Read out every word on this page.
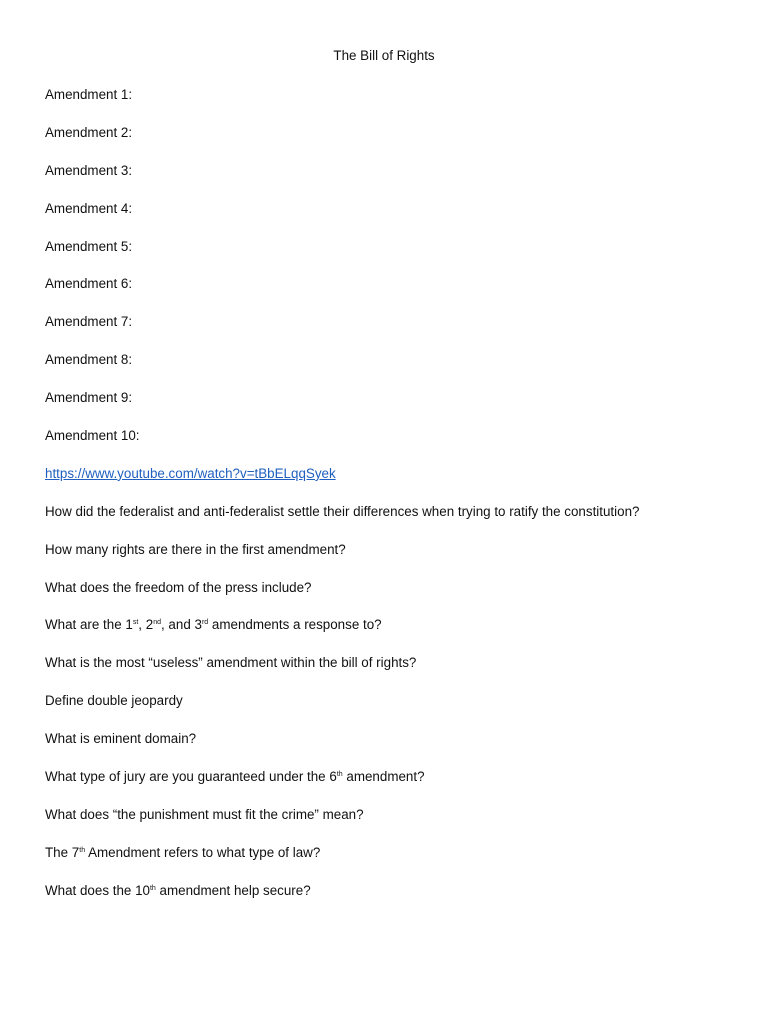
The Bill of Rights
Amendment 1:
Amendment 2:
Amendment 3:
Amendment 4:
Amendment 5:
Amendment 6:
Amendment 7:
Amendment 8:
Amendment 9:
Amendment 10:
https://www.youtube.com/watch?v=tBbELqqSyek
How did the federalist and anti-federalist settle their differences when trying to ratify the constitution?
How many rights are there in the first amendment?
What does the freedom of the press include?
What are the 1st, 2nd, and 3rd amendments a response to?
What is the most “useless” amendment within the bill of rights?
Define double jeopardy
What is eminent domain?
What type of jury are you guaranteed under the 6th amendment?
What does “the punishment must fit the crime” mean?
The 7th Amendment refers to what type of law?
What does the 10th amendment help secure?
